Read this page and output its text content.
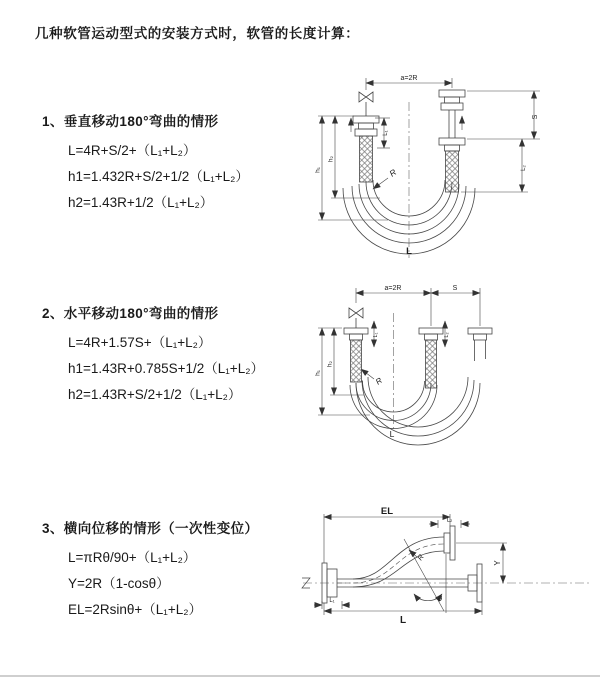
几种软管运动型式的安装方式时，软管的长度计算：
1、垂直移动180°弯曲的情形
L=4R+S/2+（L₁+L₂）
h1=1.432R+S/2+1/2（L₁+L₂）
h2=1.43R+1/2（L₁+L₂）
2、水平移动180°弯曲的情形
L=4R+1.57S+（L₁+L₂）
h1=1.43R+0.785S+1/2（L₁+L₂）
h2=1.43R+S/2+1/2（L₁+L₂）
3、横向位移的情形（一次性变位）
L=πRθ/90+（L₁+L₂）
Y=2R（1-cosθ）
EL=2Rsinθ+（L₁+L₂）
a=2R
S
L₂
L₁
h₁
h₂
R
L
a=2R	S
h₁
h₂
L₁	L₂
R
L
EL
L₂
Y
θ
R
L
L₁
